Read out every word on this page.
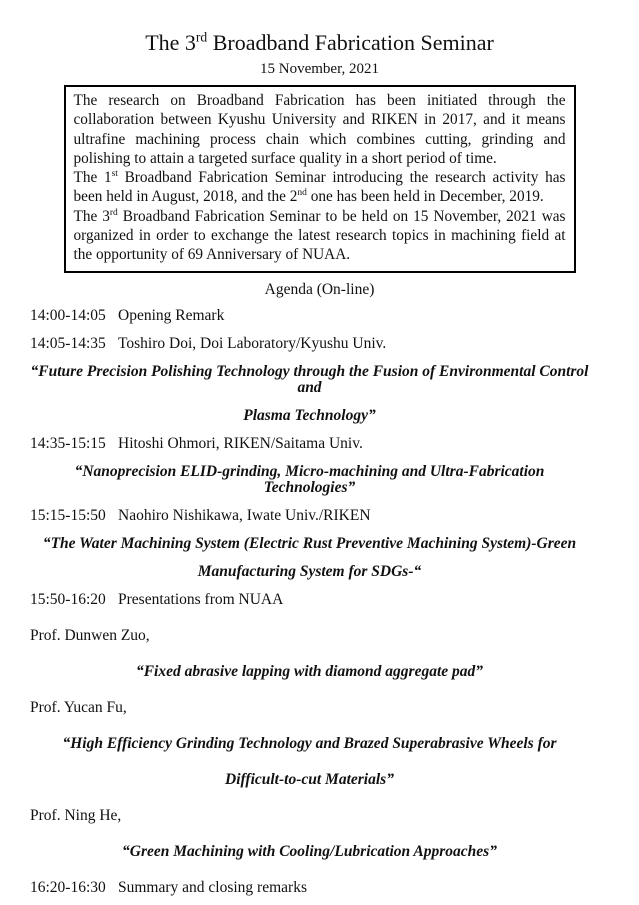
The 3rd Broadband Fabrication Seminar
15 November, 2021

The research on Broadband Fabrication has been initiated through the collaboration between Kyushu University and RIKEN in 2017, and it means ultrafine machining process chain which combines cutting, grinding and polishing to attain a targeted surface quality in a short period of time.

The 1st Broadband Fabrication Seminar introducing the research activity has been held in August, 2018, and the 2nd one has been held in December, 2019.

The 3rd Broadband Fabrication Seminar to be held on 15 November, 2021 was organized in order to exchange the latest research topics in machining field at the opportunity of 69 Anniversary of NUAA.

Agenda (On-line)
14:00-14:05 Opening Remark
14:05-14:35 Toshiro Doi, Doi Laboratory/Kyushu Univ.
“Future Precision Polishing Technology through the Fusion of Environmental Control and
Plasma Technology”
14:35-15:15 Hitoshi Ohmori, RIKEN/Saitama Univ.
“Nanoprecision ELID-grinding, Micro-machining and Ultra-Fabrication Technologies”
15:15-15:50 Naohiro Nishikawa, Iwate Univ./RIKEN
“The Water Machining System (Electric Rust Preventive Machining System)-Green
Manufacturing System for SDGs-“
15:50-16:20 Presentations from NUAA
Prof. Dunwen Zuo,
“Fixed abrasive lapping with diamond aggregate pad”
Prof. Yucan Fu,
“High Efficiency Grinding Technology and Brazed Superabrasive Wheels for
Difficult-to-cut Materials”
Prof. Ning He,
“Green Machining with Cooling/Lubrication Approaches”
16:20-16:30 Summary and closing remarks
